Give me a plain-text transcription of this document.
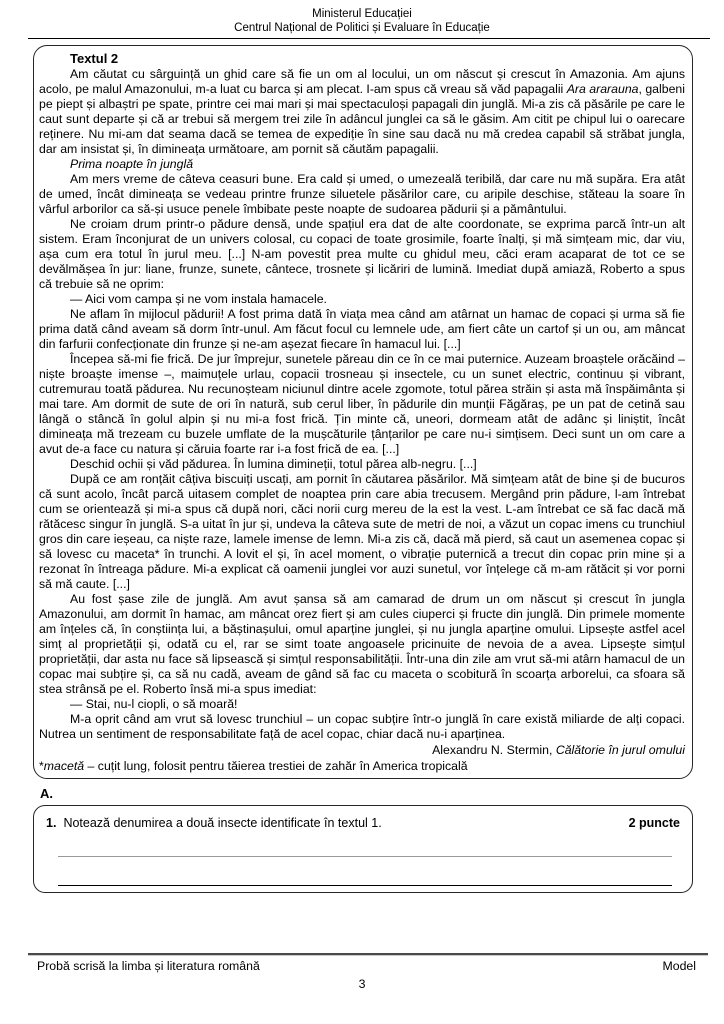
Ministerul Educației
Centrul Național de Politici și Evaluare în Educație
Textul 2

Am căutat cu sârguință un ghid care să fie un om al locului, un om născut și crescut în Amazonia. Am ajuns acolo, pe malul Amazonului, m-a luat cu barca și am plecat. I-am spus că vreau să văd papagalii Ara ararauna, galbeni pe piept și albaștri pe spate, printre cei mai mari și mai spectaculoși papagali din junglă. Mi-a zis că păsările pe care le caut sunt departe și că ar trebui să mergem trei zile în adâncul junglei ca să le găsim. Am citit pe chipul lui o oarecare reținere. Nu mi-am dat seama dacă se temea de expediție în sine sau dacă nu mă credea capabil să străbat jungla, dar am insistat și, în dimineața următoare, am pornit să căutăm papagalii.

Prima noapte în junglă

Am mers vreme de câteva ceasuri bune. Era cald și umed, o umezeală teribilă, dar care nu mă supăra. Era atât de umed, încât dimineața se vedeau printre frunze siluetele păsărilor care, cu aripile deschise, stăteau la soare în vârful arborilor ca să-și usuce penele îmbibate peste noapte de sudoarea pădurii și a pământului.

Ne croiam drum printr-o pădure densă, unde spațiul era dat de alte coordonate, se exprima parcă într-un alt sistem. Eram înconjurat de un univers colosal, cu copaci de toate grosimile, foarte înalți, și mă simțeam mic, dar viu, așa cum era totul în jurul meu. [...] N-am povestit prea multe cu ghidul meu, căci eram acaparat de tot ce se devălmășea în jur: liane, frunze, sunete, cântece, trosnete și licăriri de lumină. Imediat după amiază, Roberto a spus că trebuie să ne oprim:

— Aici vom campa și ne vom instala hamacele.

Ne aflam în mijlocul pădurii! A fost prima dată în viața mea când am atârnat un hamac de copaci și urma să fie prima dată când aveam să dorm într-unul. Am făcut focul cu lemnele ude, am fiert câte un cartof și un ou, am mâncat din farfurii confecționate din frunze și ne-am așezat fiecare în hamacul lui. [...]

Începea să-mi fie frică. De jur împrejur, sunetele păreau din ce în ce mai puternice. Auzeam broaștele orăcăind – niște broaște imense –, maimuțele urlau, copacii trosneau și insectele, cu un sunet electric, continuu și vibrant, cutremurau toată pădurea. Nu recunoșteam niciunul dintre acele zgomote, totul părea străin și asta mă înspăimânta și mai tare. Am dormit de sute de ori în natură, sub cerul liber, în pădurile din munții Făgăraș, pe un pat de cetină sau lângă o stâncă în golul alpin și nu mi-a fost frică. Țin minte că, uneori, dormeam atât de adânc și liniștit, încât dimineața mă trezeam cu buzele umflate de la mușcăturile țânțarilor pe care nu-i simțisem. Deci sunt un om care a avut de-a face cu natura și căruia foarte rar i-a fost frică de ea. [...]

Deschid ochii și văd pădurea. În lumina dimineții, totul părea alb-negru. [...]

După ce am ronțăit câțiva biscuiți uscați, am pornit în căutarea păsărilor. Mă simțeam atât de bine și de bucuros că sunt acolo, încât parcă uitasem complet de noaptea prin care abia trecusem. Mergând prin pădure, l-am întrebat cum se orientează și mi-a spus că după nori, căci norii curg mereu de la est la vest. L-am întrebat ce să fac dacă mă rătăcesc singur în junglă. S-a uitat în jur și, undeva la câteva sute de metri de noi, a văzut un copac imens cu trunchiul gros din care ieșeau, ca niște raze, lamele imense de lemn. Mi-a zis că, dacă mă pierd, să caut un asemenea copac și să lovesc cu maceta* în trunchi. A lovit el și, în acel moment, o vibrație puternică a trecut din copac prin mine și a rezonat în întreaga pădure. Mi-a explicat că oamenii junglei vor auzi sunetul, vor înțelege că m-am rătăcit și vor porni să mă caute. [...]

Au fost șase zile de junglă. Am avut șansa să am camarad de drum un om născut și crescut în jungla Amazonului, am dormit în hamac, am mâncat orez fiert și am cules ciuperci și fructe din junglă. Din primele momente am înțeles că, în conștiința lui, a băștinașului, omul aparține junglei, și nu jungla aparține omului. Lipsește astfel acel simț al proprietății și, odată cu el, rar se simt toate angoasele pricinuite de nevoia de a avea. Lipsește simțul proprietății, dar asta nu face să lipsească și simțul responsabilității. Într-una din zile am vrut să-mi atârn hamacul de un copac mai subțire și, ca să nu cadă, aveam de gând să fac cu maceta o scobitură în scoarța arborelui, ca sfoara să stea strânsă pe el. Roberto însă mi-a spus imediat:

— Stai, nu-l ciopli, o să moară!

M-a oprit când am vrut să lovesc trunchiul – un copac subțire într-o junglă în care există miliarde de alți copaci. Nutrea un sentiment de responsabilitate față de acel copac, chiar dacă nu-i aparținea.

Alexandru N. Stermin, Călătorie în jurul omului

*macetă – cuțit lung, folosit pentru tăierea trestiei de zahăr în America tropicală

A.
1. Notează denumirea a două insecte identificate în textul 1.	2 puncte
Probă scrisă la limba și literatura română	Model
3
